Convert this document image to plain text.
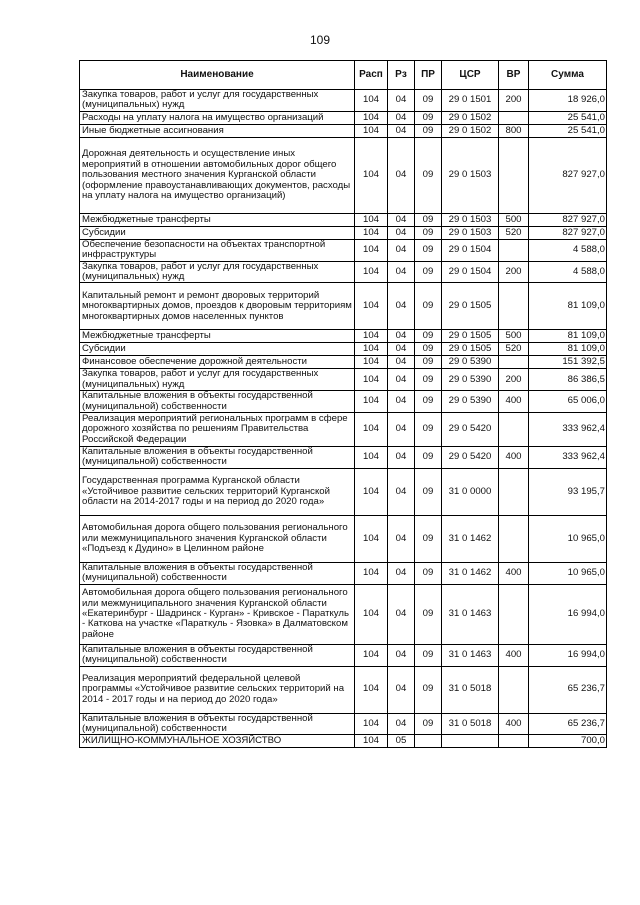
109
Наименование	Расп	Рз	ПР	ЦСР	ВР	Сумма
Закупка товаров, работ и услуг для государственных (муниципальных) нужд	104	04	09	29 0 1501	200	18 926,0
Расходы на уплату налога на имущество организаций	104	04	09	29 0 1502		25 541,0
Иные бюджетные ассигнования	104	04	09	29 0 1502	800	25 541,0
Дорожная деятельность и осуществление иных мероприятий в отношении автомобильных дорог общего пользования местного значения Курганской области (оформление правоустанавливающих документов, расходы на уплату налога на имущество организаций)	104	04	09	29 0 1503		827 927,0
Межбюджетные трансферты	104	04	09	29 0 1503	500	827 927,0
Субсидии	104	04	09	29 0 1503	520	827 927,0
Обеспечение безопасности на объектах транспортной инфраструктуры	104	04	09	29 0 1504		4 588,0
Закупка товаров, работ и услуг для государственных (муниципальных) нужд	104	04	09	29 0 1504	200	4 588,0
Капитальный ремонт и ремонт дворовых территорий многоквартирных домов, проездов к дворовым территориям многоквартирных домов населенных пунктов	104	04	09	29 0 1505		81 109,0
Межбюджетные трансферты	104	04	09	29 0 1505	500	81 109,0
Субсидии	104	04	09	29 0 1505	520	81 109,0
Финансовое обеспечение дорожной деятельности	104	04	09	29 0 5390		151 392,5
Закупка товаров, работ и услуг для государственных (муниципальных) нужд	104	04	09	29 0 5390	200	86 386,5
Капитальные вложения в объекты государственной (муниципальной) собственности	104	04	09	29 0 5390	400	65 006,0
Реализация мероприятий региональных программ в сфере дорожного хозяйства по решениям Правительства Российской Федерации	104	04	09	29 0 5420		333 962,4
Капитальные вложения в объекты государственной (муниципальной) собственности	104	04	09	29 0 5420	400	333 962,4
Государственная программа Курганской области «Устойчивое развитие сельских территорий Курганской области на 2014-2017 годы и на период до 2020 года»	104	04	09	31 0 0000		93 195,7
Автомобильная дорога общего пользования регионального или межмуниципального значения Курганской области «Подъезд к Дудино» в Целинном районе	104	04	09	31 0 1462		10 965,0
Капитальные вложения в объекты государственной (муниципальной) собственности	104	04	09	31 0 1462	400	10 965,0
Автомобильная дорога общего пользования регионального или межмуниципального значения Курганской области «Екатеринбург - Шадринск - Курган» - Кривское - Параткуль - Каткова на участке «Параткуль - Язовка» в Далматовском районе	104	04	09	31 0 1463		16 994,0
Капитальные вложения в объекты государственной (муниципальной) собственности	104	04	09	31 0 1463	400	16 994,0
Реализация мероприятий федеральной целевой программы «Устойчивое развитие сельских территорий на 2014 - 2017 годы и на период до 2020 года»	104	04	09	31 0 5018		65 236,7
Капитальные вложения в объекты государственной (муниципальной) собственности	104	04	09	31 0 5018	400	65 236,7
ЖИЛИЩНО-КОММУНАЛЬНОЕ ХОЗЯЙСТВО	104	05				700,0
